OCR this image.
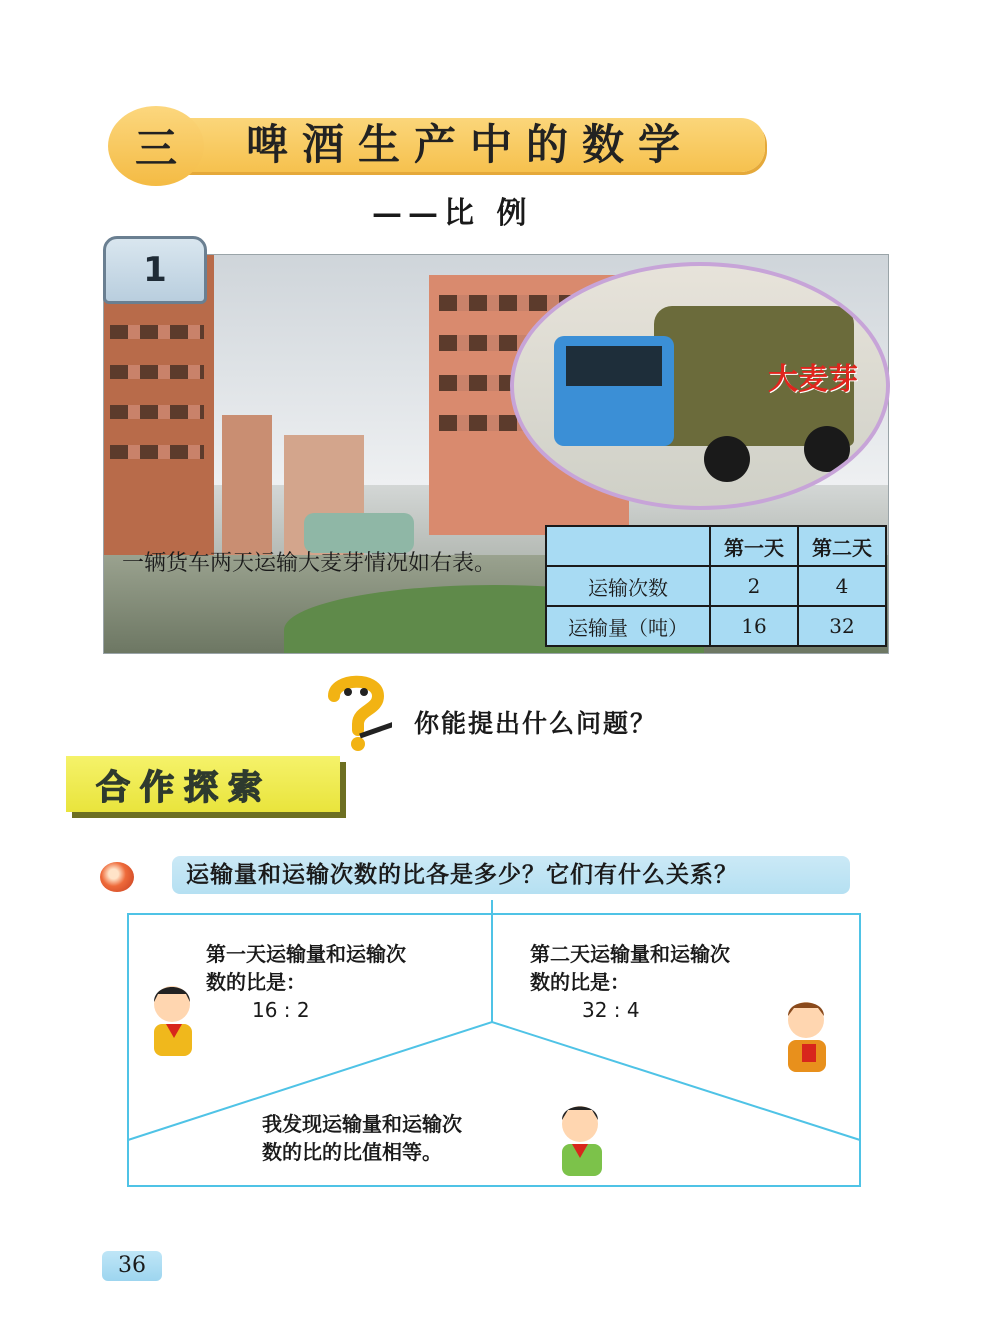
三	啤酒生产中的数学
——比 例
1
大麦芽
一辆货车两天运输大麦芽情况如右表。
	第一天	第二天
运输次数	2	4
运输量（吨）	16	32
你能提出什么问题？
合作探索
运输量和运输次数的比各是多少？它们有什么关系？
第一天运输量和运输次
数的比是：
16 : 2
第二天运输量和运输次
数的比是：
32 : 4
我发现运输量和运输次
数的比的比值相等。
36
